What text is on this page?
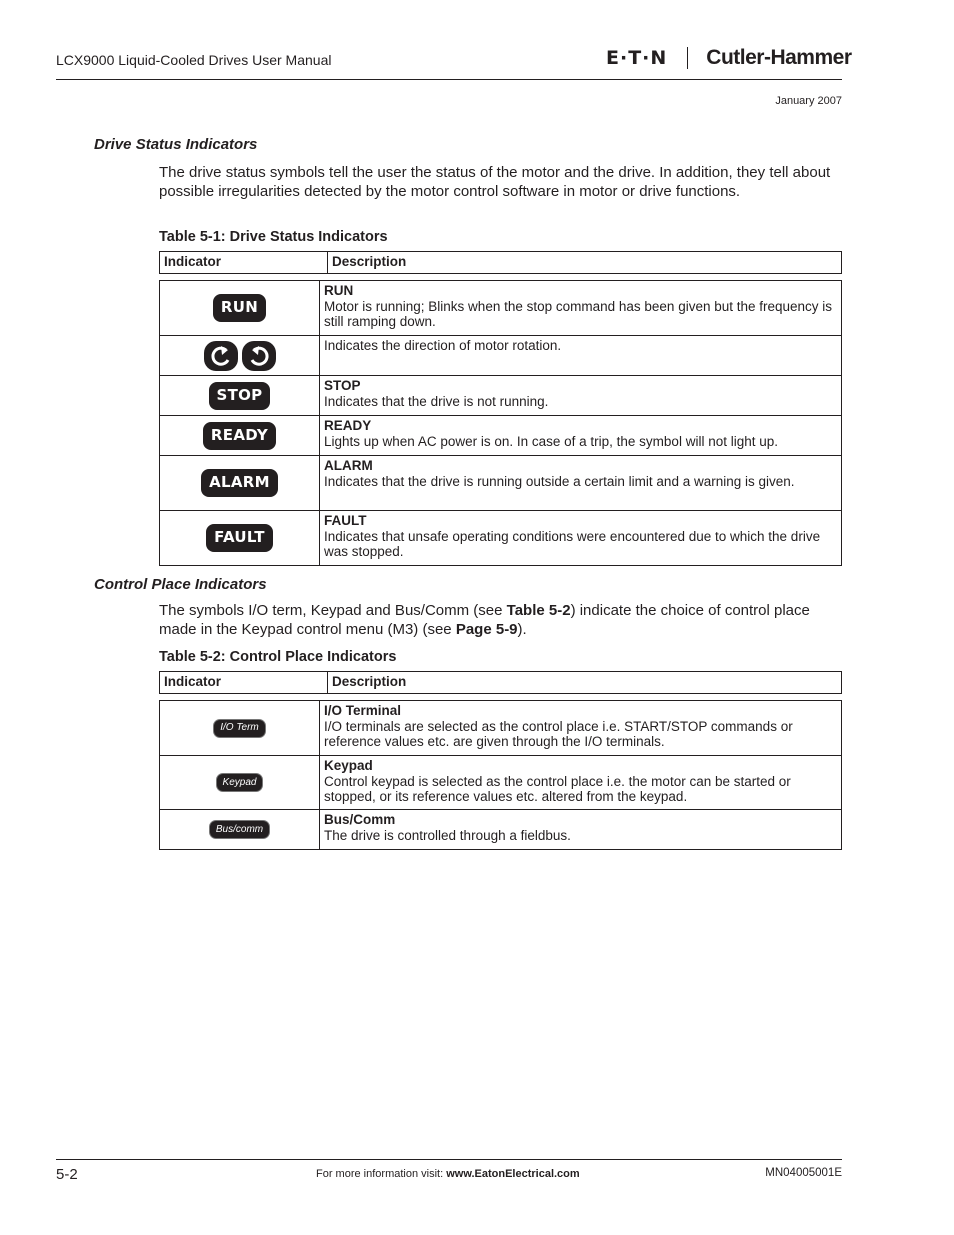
LCX9000 Liquid-Cooled Drives User Manual	E·T·N Cutler-Hammer
January 2007
Drive Status Indicators
The drive status symbols tell the user the status of the motor and the drive. In addition, they tell about possible irregularities detected by the motor control software in motor or drive functions.
Table 5-1: Drive Status Indicators
Indicator	Description
RUN	RUN
Motor is running; Blinks when the stop command has been given but the frequency is still ramping down.

	Indicates the direction of motor rotation.
STOP	STOP
Indicates that the drive is not running.
READY	READY
Lights up when AC power is on. In case of a trip, the symbol will not light up.
ALARM	ALARM
Indicates that the drive is running outside a certain limit and a warning is given.
FAULT	FAULT
Indicates that unsafe operating conditions were encountered due to which the drive was stopped.
Control Place Indicators
The symbols I/O term, Keypad and Bus/Comm (see Table 5-2) indicate the choice of control place made in the Keypad control menu (M3) (see Page 5-9).
Table 5-2: Control Place Indicators
Indicator	Description
I/O Term	I/O Terminal
I/O terminals are selected as the control place i.e. START/STOP commands or reference values etc. are given through the I/O terminals.
Keypad	Keypad
Control keypad is selected as the control place i.e. the motor can be started or stopped, or its reference values etc. altered from the keypad.
Bus/comm	Bus/Comm
The drive is controlled through a fieldbus.
5-2	For more information visit: www.EatonElectrical.com	MN04005001E
